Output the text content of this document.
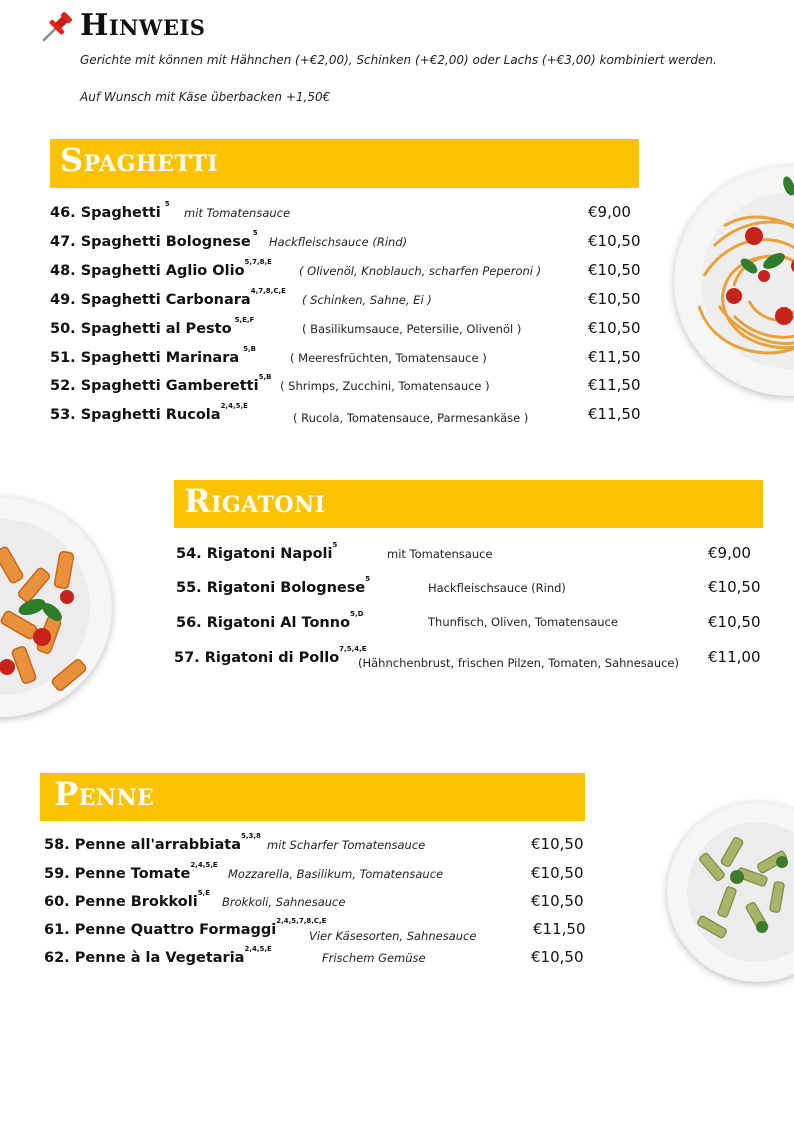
Hinweis
Gerichte mit können mit Hähnchen (+€2,00), Schinken (+€2,00) oder Lachs (+€3,00) kombiniert werden.
Auf Wunsch mit Käse überbacken +1,50€
Spaghetti
46. Spaghetti$^5$
mit Tomatensauce	€9,00
47. Spaghetti Bolognese$^5$
Hackfleischsauce (Rind)	€10,50
48. Spaghetti Aglio Olio$^{5,7,8,E}$
( Olivenöl, Knoblauch, scharfen Peperoni )	€10,50
49. Spaghetti Carbonara$^{4,7,8,C,E}$
( Schinken, Sahne, Ei )	€10,50
50. Spaghetti al Pesto$^{5,E,F}$
( Basilikumsauce, Petersilie, Olivenöl )	€10,50
51. Spaghetti Marinara$^{5,B}$
( Meeresfrüchten, Tomatensauce )	€11,50
52. Spaghetti Gamberetti$^{5,B}$
( Shrimps, Zucchini, Tomatensauce )	€11,50
53. Spaghetti Rucola$^{2,4,5,E}$
( Rucola, Tomatensauce, Parmesankäse )	€11,50
Rigatoni
54. Rigatoni Napoli$^5$
mit Tomatensauce	€9,00
55. Rigatoni Bolognese$^5$
Hackfleischsauce (Rind)	€10,50
56. Rigatoni Al Tonno$^{5,D}$
Thunfisch, Oliven, Tomatensauce	€10,50
57. Rigatoni di Pollo$^{7,5,4,E}$
(Hähnchenbrust, frischen Pilzen, Tomaten, Sahnesauce) €11,00
Penne
58. Penne all'arrabbiata$^{5,3,8}$
mit Scharfer Tomatensauce	€10,50
59. Penne Tomate$^{2,4,5,E}$
Mozzarella, Basilikum, Tomatensauce	€10,50
60. Penne Brokkoli$^{5,E}$
Brokkoli, Sahnesauce	€10,50
61. Penne Quattro Formaggi$^{2,4,5,7,8,C,E}$
Vier Käsesorten, Sahnesauce	€11,50
62. Penne à la Vegetaria$^{2,4,5,E}$
Frischem Gemüse	€10,50
